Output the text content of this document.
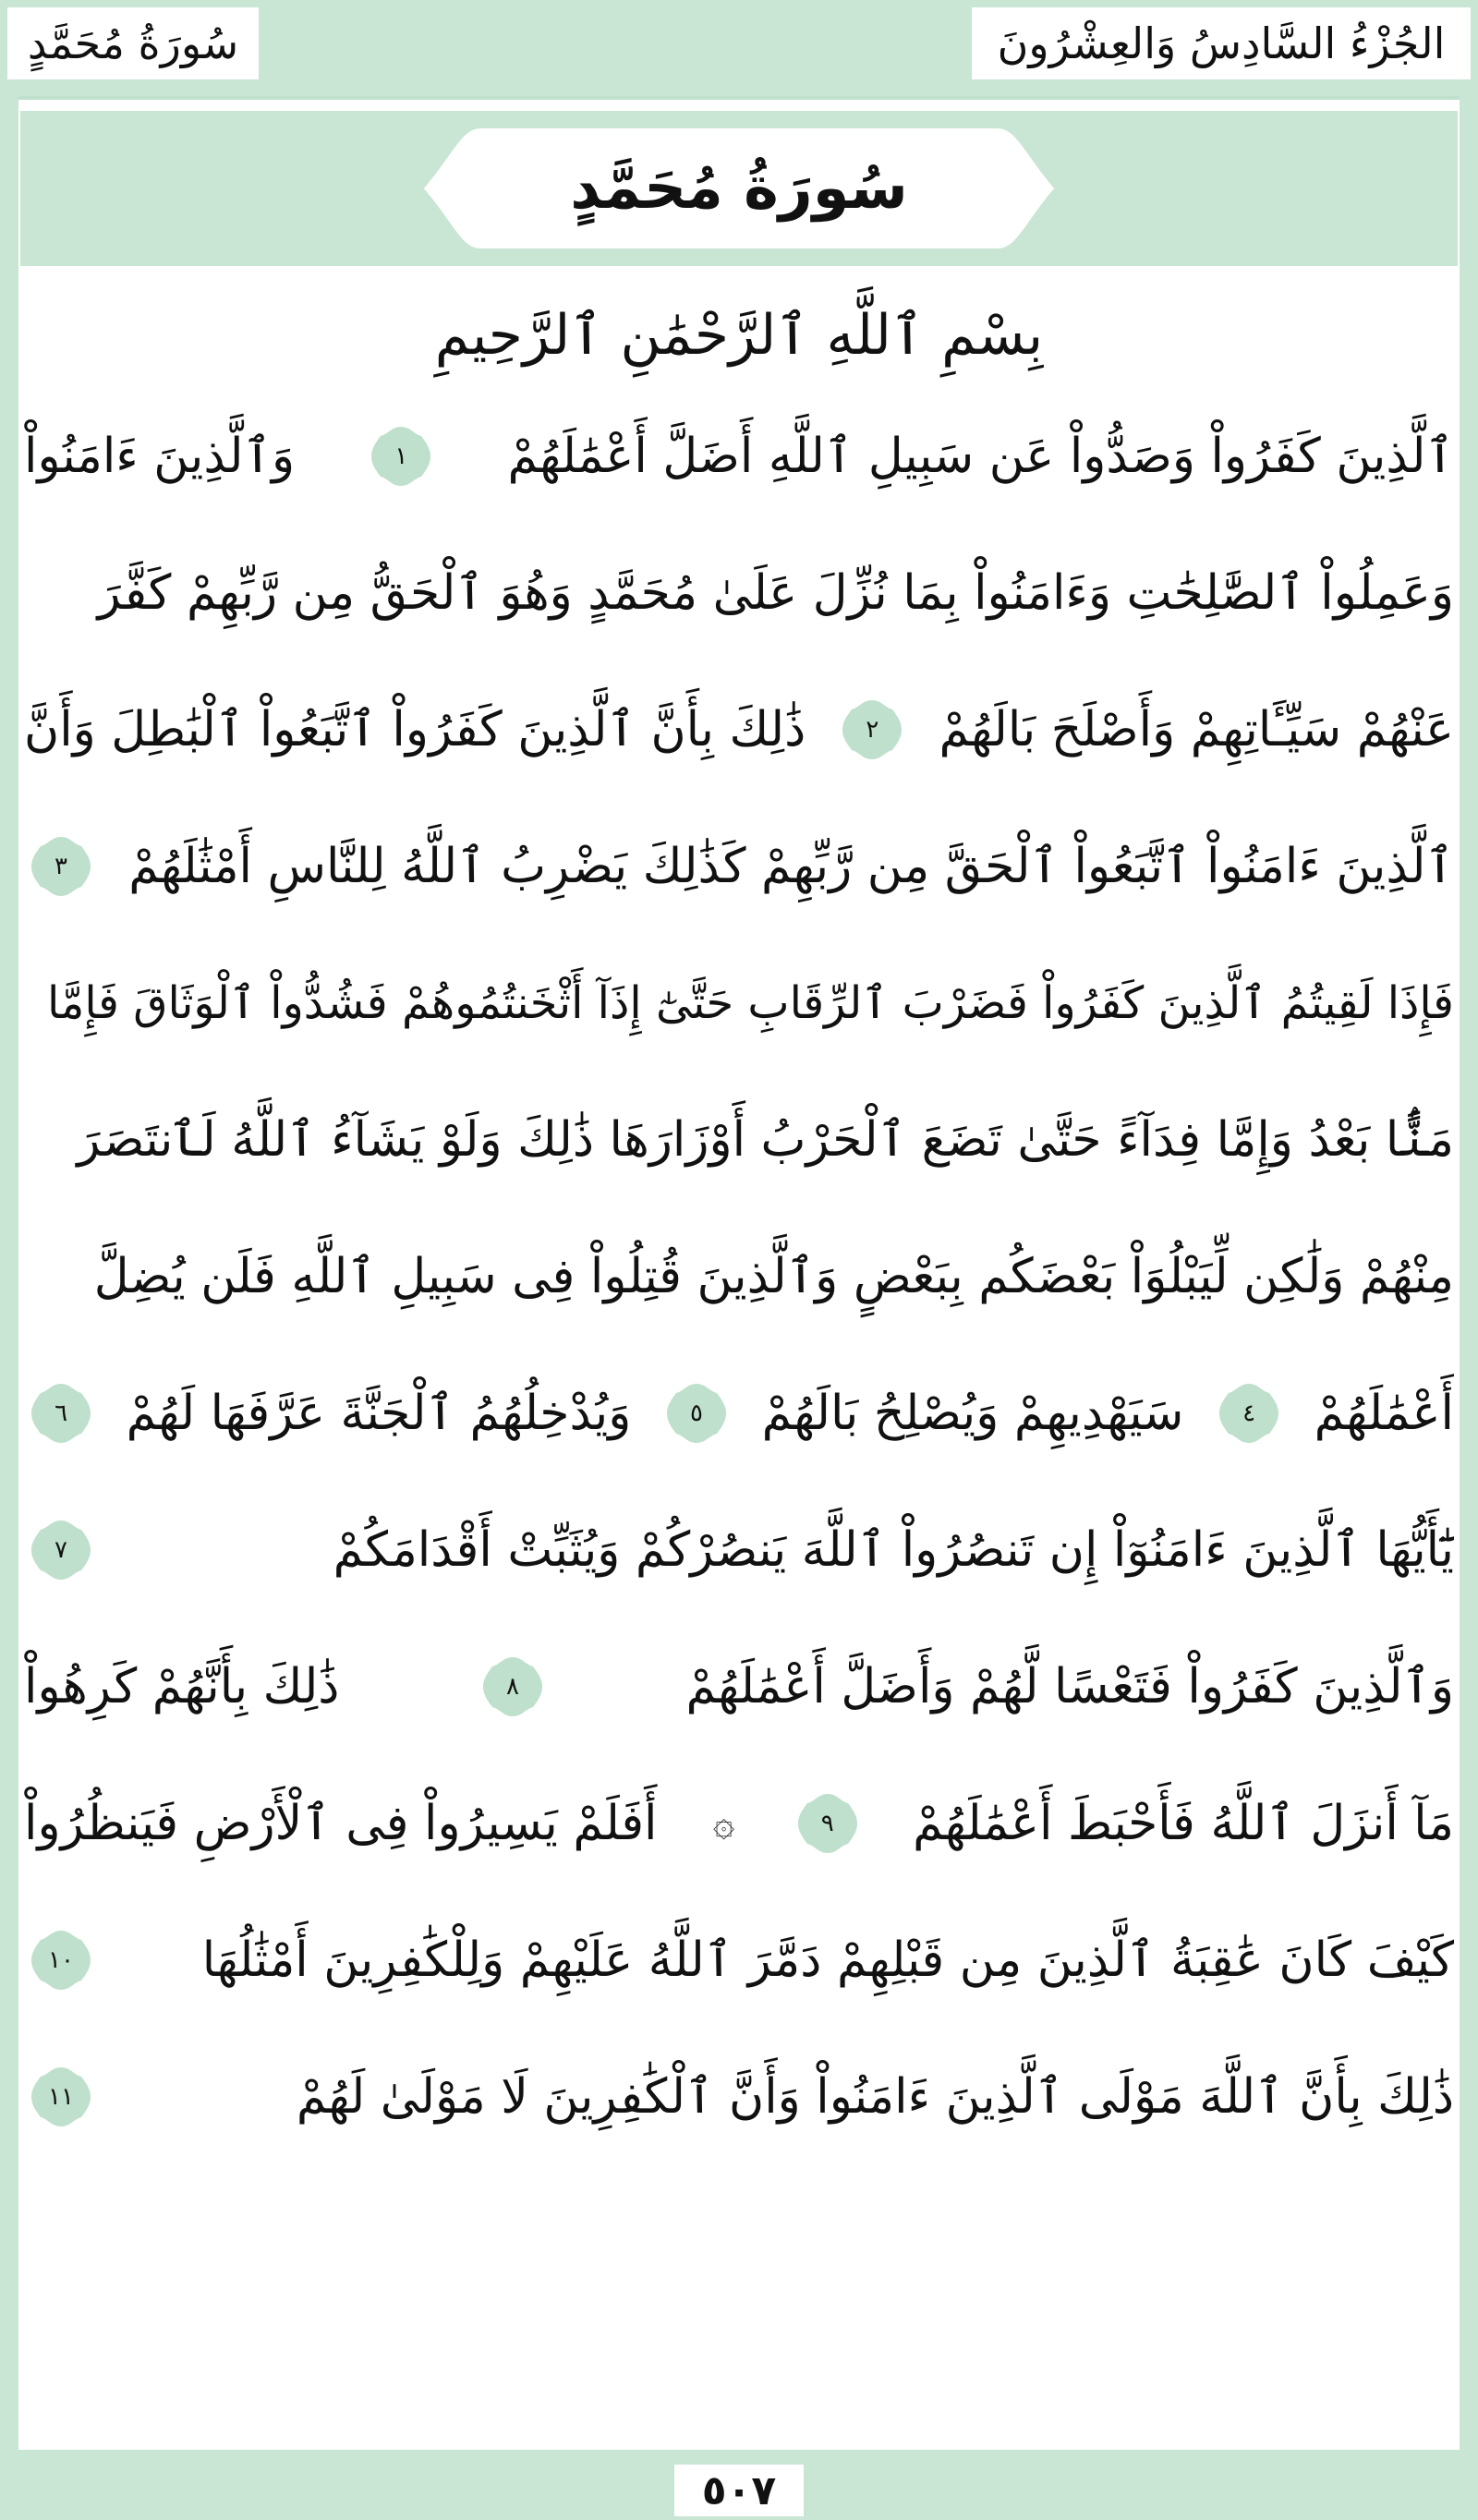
الجُزْءُ السَّادِسُ وَالعِشْرُونَ
سُورَةُ مُحَمَّدٍ
سُورَةُ مُحَمَّدٍ
بِسْمِ ٱللَّهِ ٱلرَّحْمَٰنِ ٱلرَّحِيمِ
ٱلَّذِينَ كَفَرُواْ وَصَدُّواْ عَن سَبِيلِ ٱللَّهِ أَضَلَّ أَعْمَٰلَهُمْ
١
وَٱلَّذِينَ ءَامَنُواْ
وَعَمِلُواْ ٱلصَّٰلِحَٰتِ وَءَامَنُواْ بِمَا نُزِّلَ عَلَىٰ مُحَمَّدٍ وَهُوَ ٱلْحَقُّ مِن رَّبِّهِمْ كَفَّرَ
عَنْهُمْ سَيِّـَٔاتِهِمْ وَأَصْلَحَ بَالَهُمْ
٢
ذَٰلِكَ بِأَنَّ ٱلَّذِينَ كَفَرُواْ ٱتَّبَعُواْ ٱلْبَٰطِلَ وَأَنَّ
ٱلَّذِينَ ءَامَنُواْ ٱتَّبَعُواْ ٱلْحَقَّ مِن رَّبِّهِمْ كَذَٰلِكَ يَضْرِبُ ٱللَّهُ لِلنَّاسِ أَمْثَٰلَهُمْ
٣
فَإِذَا لَقِيتُمُ ٱلَّذِينَ كَفَرُواْ فَضَرْبَ ٱلرِّقَابِ حَتَّىٰٓ إِذَآ أَثْخَنتُمُوهُمْ فَشُدُّواْ ٱلْوَثَاقَ فَإِمَّا
مَنًّۢا بَعْدُ وَإِمَّا فِدَآءً حَتَّىٰ تَضَعَ ٱلْحَرْبُ أَوْزَارَهَا ذَٰلِكَ وَلَوْ يَشَآءُ ٱللَّهُ لَٱنتَصَرَ
مِنْهُمْ وَلَٰكِن لِّيَبْلُوَاْ بَعْضَكُم بِبَعْضٍ وَٱلَّذِينَ قُتِلُواْ فِى سَبِيلِ ٱللَّهِ فَلَن يُضِلَّ
أَعْمَٰلَهُمْ
٤
سَيَهْدِيهِمْ وَيُصْلِحُ بَالَهُمْ
٥
وَيُدْخِلُهُمُ ٱلْجَنَّةَ عَرَّفَهَا لَهُمْ
٦
يَٰٓأَيُّهَا ٱلَّذِينَ ءَامَنُوٓاْ إِن تَنصُرُواْ ٱللَّهَ يَنصُرْكُمْ وَيُثَبِّتْ أَقْدَامَكُمْ
٧
وَٱلَّذِينَ كَفَرُواْ فَتَعْسًا لَّهُمْ وَأَضَلَّ أَعْمَٰلَهُمْ
٨
ذَٰلِكَ بِأَنَّهُمْ كَرِهُواْ
مَآ أَنزَلَ ٱللَّهُ فَأَحْبَطَ أَعْمَٰلَهُمْ
٩
۞
أَفَلَمْ يَسِيرُواْ فِى ٱلْأَرْضِ فَيَنظُرُواْ
كَيْفَ كَانَ عَٰقِبَةُ ٱلَّذِينَ مِن قَبْلِهِمْ دَمَّرَ ٱللَّهُ عَلَيْهِمْ وَلِلْكَٰفِرِينَ أَمْثَٰلُهَا
١٠
ذَٰلِكَ بِأَنَّ ٱللَّهَ مَوْلَى ٱلَّذِينَ ءَامَنُواْ وَأَنَّ ٱلْكَٰفِرِينَ لَا مَوْلَىٰ لَهُمْ
١١
٥٠٧
